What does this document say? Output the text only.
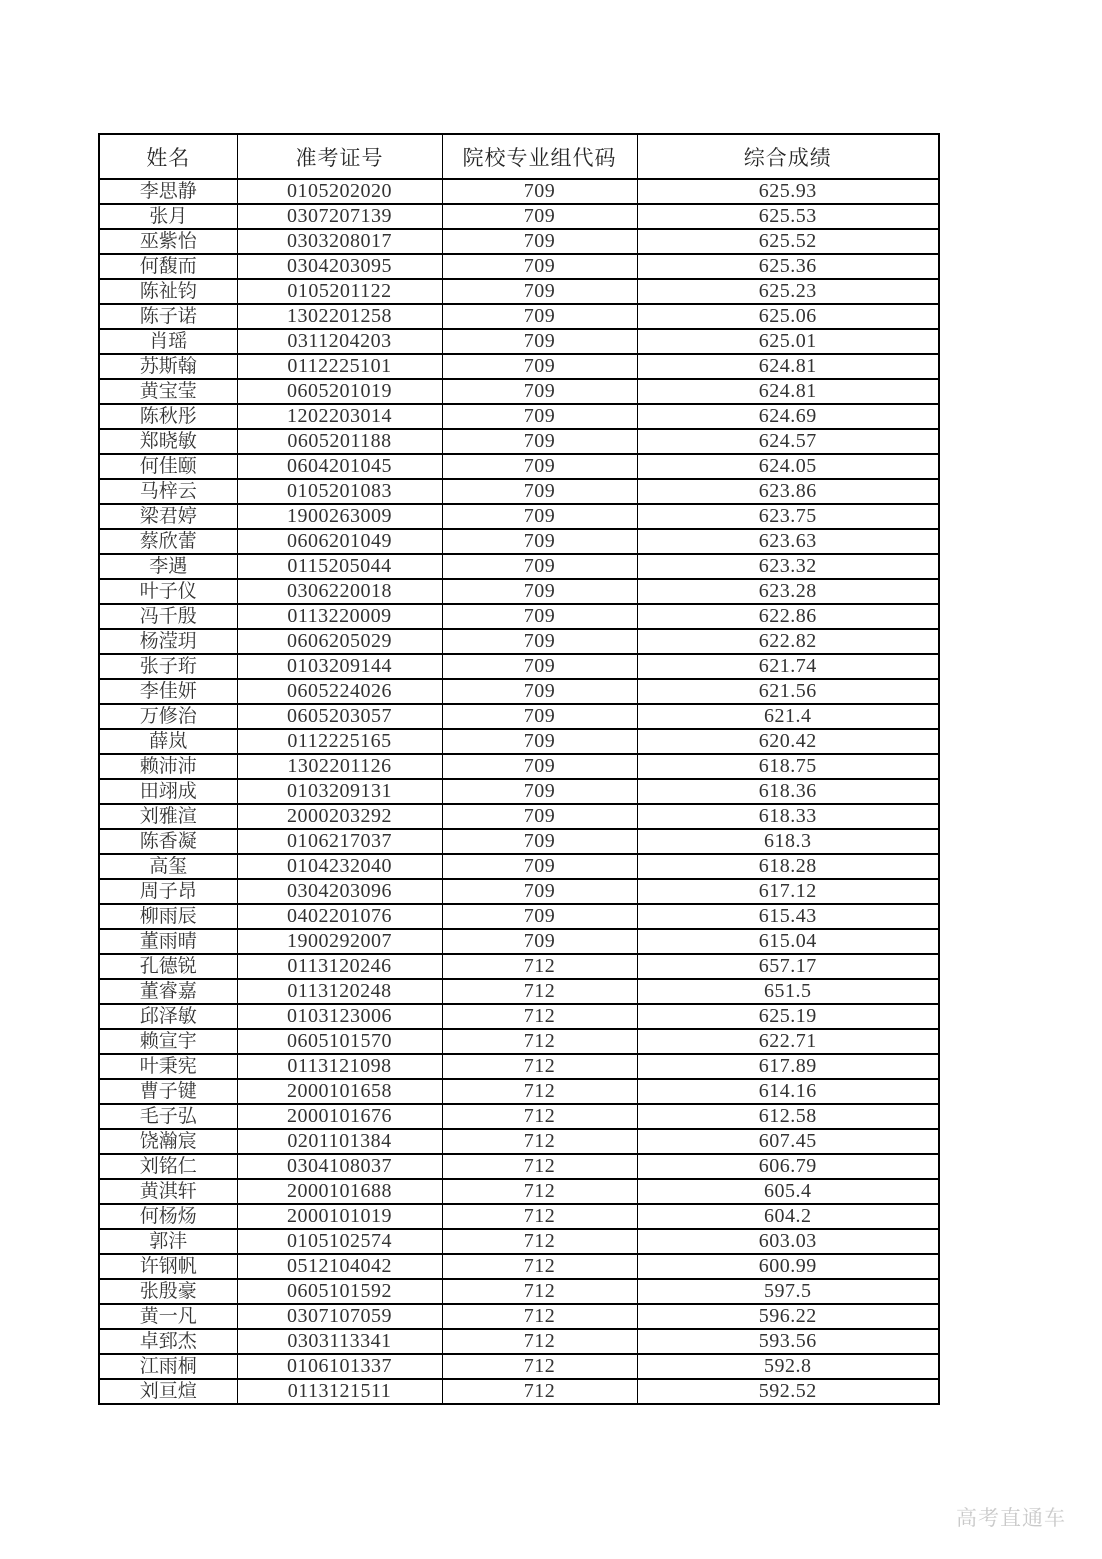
姓名	准考证号	院校专业组代码	综合成绩
李思静	0105202020	709	625.93
张月	0307207139	709	625.53
巫紫怡	0303208017	709	625.52
何馥而	0304203095	709	625.36
陈祉钧	0105201122	709	625.23
陈子诺	1302201258	709	625.06
肖瑶	0311204203	709	625.01
苏斯翰	0112225101	709	624.81
黄宝莹	0605201019	709	624.81
陈秋彤	1202203014	709	624.69
郑晓敏	0605201188	709	624.57
何佳颐	0604201045	709	624.05
马梓云	0105201083	709	623.86
梁君婷	1900263009	709	623.75
蔡欣蕾	0606201049	709	623.63
李遇	0115205044	709	623.32
叶子仪	0306220018	709	623.28
冯千殷	0113220009	709	622.86
杨滢玥	0606205029	709	622.82
张子珩	0103209144	709	621.74
李佳妍	0605224026	709	621.56
万修治	0605203057	709	621.4
薛岚	0112225165	709	620.42
赖沛沛	1302201126	709	618.75
田翊成	0103209131	709	618.36
刘雅渲	2000203292	709	618.33
陈香凝	0106217037	709	618.3
高玺	0104232040	709	618.28
周子昂	0304203096	709	617.12
柳雨辰	0402201076	709	615.43
董雨晴	1900292007	709	615.04
孔德锐	0113120246	712	657.17
董睿嘉	0113120248	712	651.5
邱泽敏	0103123006	712	625.19
赖宣宇	0605101570	712	622.71
叶秉宪	0113121098	712	617.89
曹子键	2000101658	712	614.16
毛子弘	2000101676	712	612.58
饶瀚宸	0201101384	712	607.45
刘铭仁	0304108037	712	606.79
黄淇轩	2000101688	712	605.4
何杨炀	2000101019	712	604.2
郭沣	0105102574	712	603.03
许钢帆	0512104042	712	600.99
张殷豪	0605101592	712	597.5
黄一凡	0307107059	712	596.22
卓郅杰	0303113341	712	593.56
江雨桐	0106101337	712	592.8
刘亘煊	0113121511	712	592.52
高考直通车
